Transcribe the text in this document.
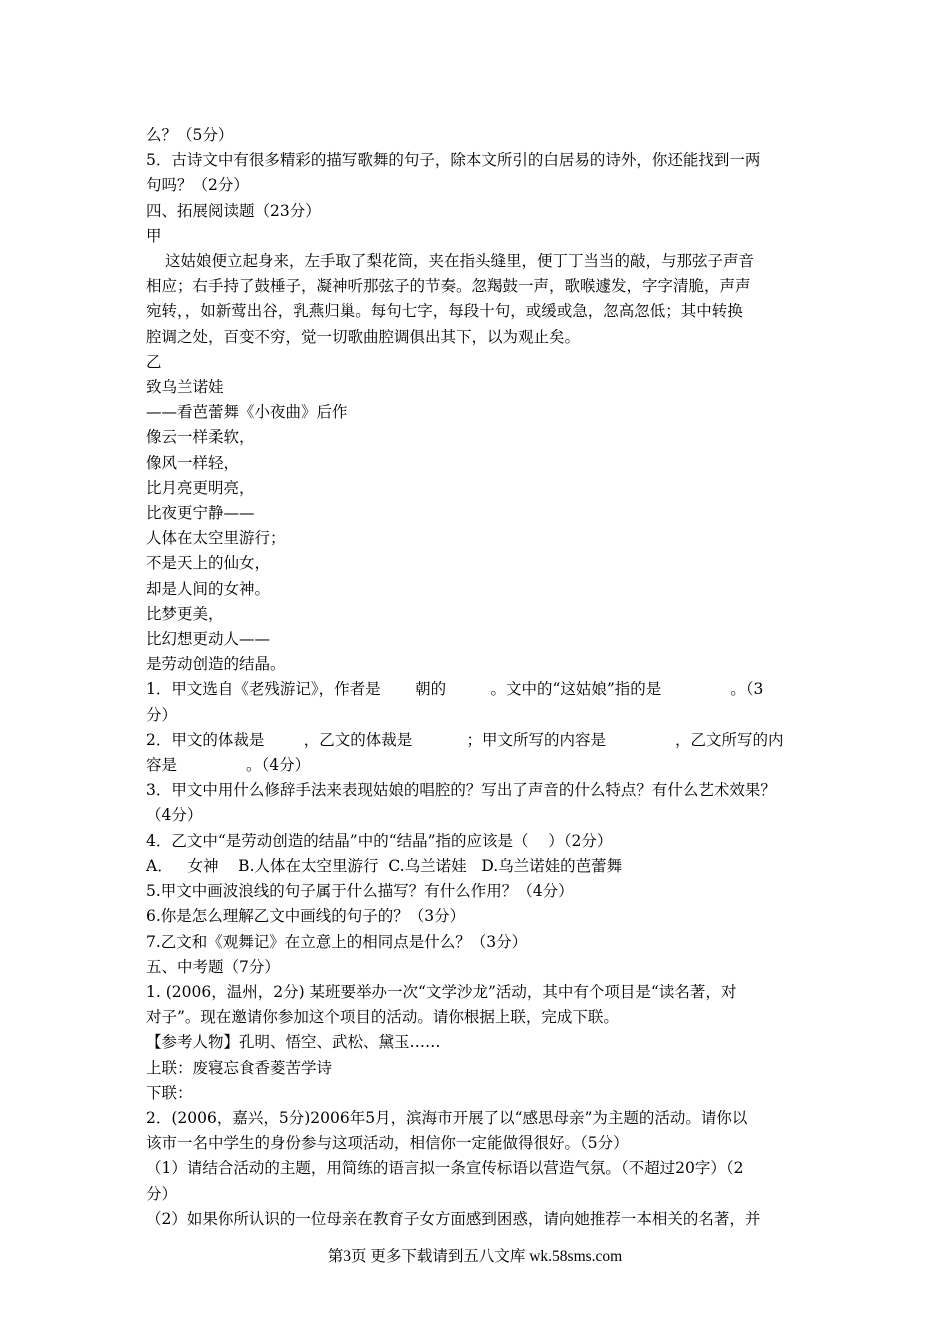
么？（5分）

5．古诗文中有很多精彩的描写歌舞的句子，除本文所引的白居易的诗外，你还能找到一两

句吗？（2分）

四、拓展阅读题（23分）

甲

这姑娘便立起身来，左手取了梨花筒，夹在指头缝里，便丁丁当当的敲，与那弦子声音

相应；右手持了鼓棰子，凝神听那弦子的节奏。忽羯鼓一声，歌喉遽发，字字清脆，声声

宛转，，如新莺出谷，乳燕归巢。每句七字，每段十句，或缓或急，忽高忽低；其中转换

腔调之处，百变不穷，觉一切歌曲腔调俱出其下，以为观止矣。

乙

致乌兰诺娃

——看芭蕾舞《小夜曲》后作

像云一样柔软，

像风一样轻，

比月亮更明亮，

比夜更宁静——

人体在太空里游行；

不是天上的仙女，

却是人间的女神。

比梦更美，

比幻想更动人——

是劳动创造的结晶。

1．甲文选自《老残游记》，作者是       朝的         。文中的“这姑娘”指的是              。（3

分）

2．甲文的体裁是        ，乙文的体裁是           ；甲文所写的内容是              ，乙文所写的内

容是              。（4分）

3．甲文中用什么修辞手法来表现姑娘的唱腔的？写出了声音的什么特点？有什么艺术效果？

（4分）

4．乙文中“是劳动创造的结晶”中的“结晶”指的应该是（    ）（2分）

A．   女神    B.人体在太空里游行  C.乌兰诺娃   D.乌兰诺娃的芭蕾舞

5.甲文中画波浪线的句子属于什么描写？有什么作用？（4分）

6.你是怎么理解乙文中画线的句子的？（3分）

7.乙文和《观舞记》在立意上的相同点是什么？（3分）

五、中考题（7分）

1. (2006，温州，2分) 某班要举办一次“文学沙龙”活动，其中有个项目是“读名著，对

对子”。现在邀请你参加这个项目的活动。请你根据上联，完成下联。

【参考人物】孔明、悟空、武松、黛玉……

上联：废寝忘食香菱苦学诗

下联：

2．(2006，嘉兴，5分)2006年5月，滨海市开展了以“感思母亲”为主题的活动。请你以

该市一名中学生的身份参与这项活动，相信你一定能做得很好。（5分）

（1）请结合活动的主题，用简练的语言拟一条宣传标语以营造气氛。（不超过20字）（2

分）

（2）如果你所认识的一位母亲在教育子女方面感到困惑，请向她推荐一本相关的名著，并

第3页 更多下载请到五八文库 wk.58sms.com
